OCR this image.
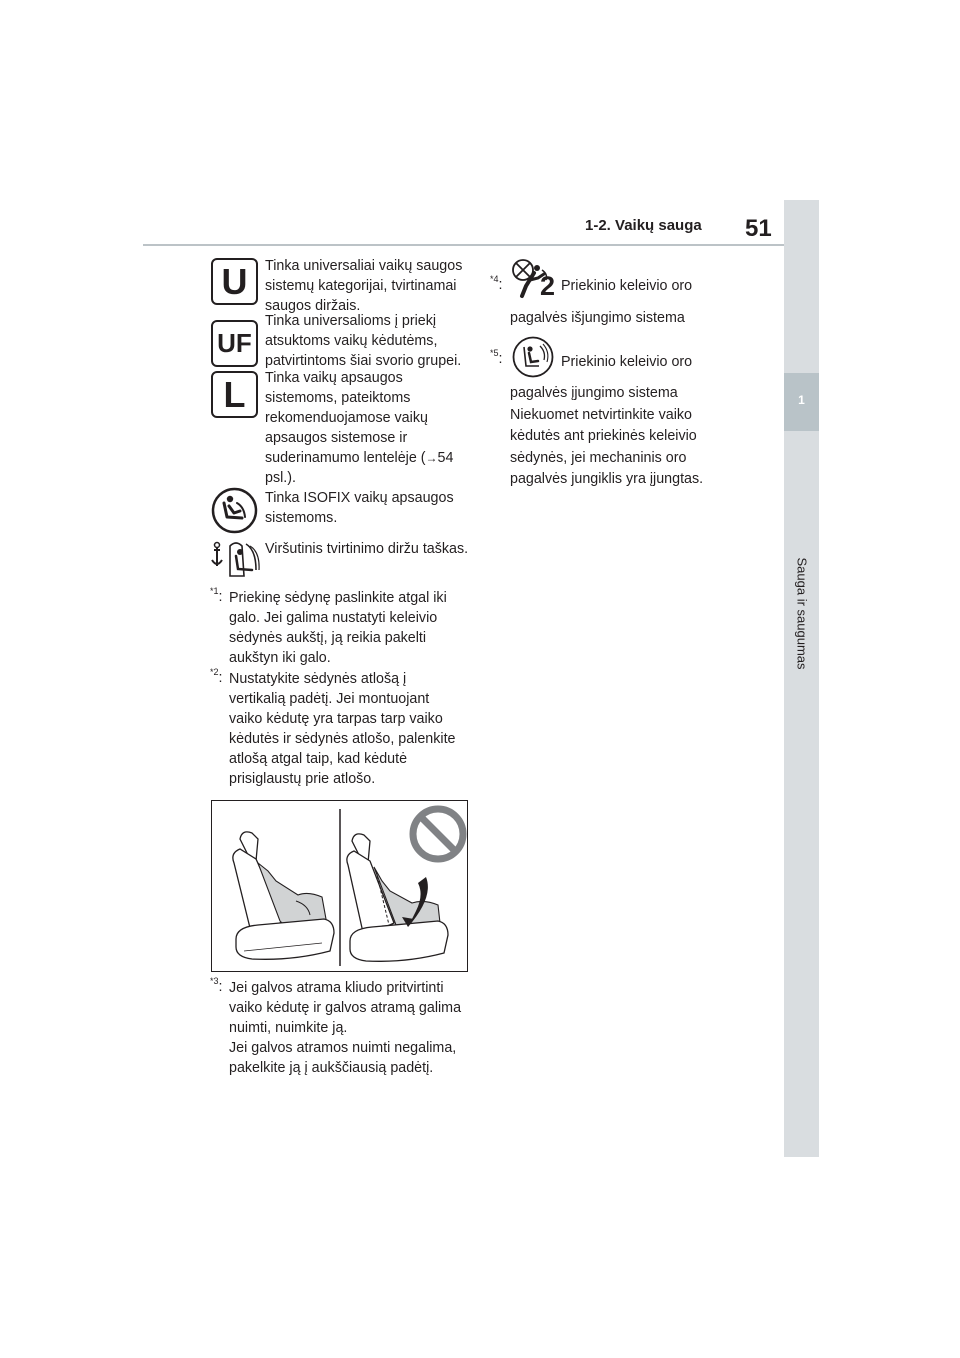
1-2. Vaikų sauga 51
1
Sauga ir saugumas
U Tinka universaliai vaikų saugos sistemų kategorijai, tvirtinamai saugos diržais.
UF
Tinka universalioms į priekį atsuktoms vaikų kėdutėms, patvirtintoms šiai svorio grupei.
L Tinka vaikų apsaugos
sistemoms, pateiktoms
rekomenduojamose vaikų
apsaugos sistemose ir
suderinamumo lentelėje (→54
psl.).
Tinka ISOFIX vaikų apsaugos sistemoms.
Viršutinis tvirtinimo diržu taškas.
$^{*1}$: Priekinę sėdynę paslinkite atgal iki
galo. Jei galima nustatyti keleivio
sėdynės aukštį, ją reikia pakelti
aukštyn iki galo.
$^{*2}$: Nustatykite sėdynės atlošą į
vertikalią padėtį. Jei montuojant
vaiko kėdutę yra tarpas tarp vaiko
kėdutės ir sėdynės atlošo, palenkite
atlošą atgal taip, kad kėdutė
prisiglaustų prie atlošo.
$^{*3}$: Jei galvos atrama kliudo pritvirtinti
vaiko kėdutę ir galvos atramą galima
nuimti, nuimkite ją.
Jei galvos atramos nuimti negalima,
pakelkite ją į aukščiausią padėtį.
$^{*4}$: 2 Priekinio keleivio oro
pagalvės išjungimo sistema
$^{*5}$:	Priekinio keleivio oro
pagalvės įjungimo sistema
Niekuomet netvirtinkite vaiko
kėdutės ant priekinės keleivio
sėdynės, jei mechaninis oro
pagalvės jungiklis yra įjungtas.
